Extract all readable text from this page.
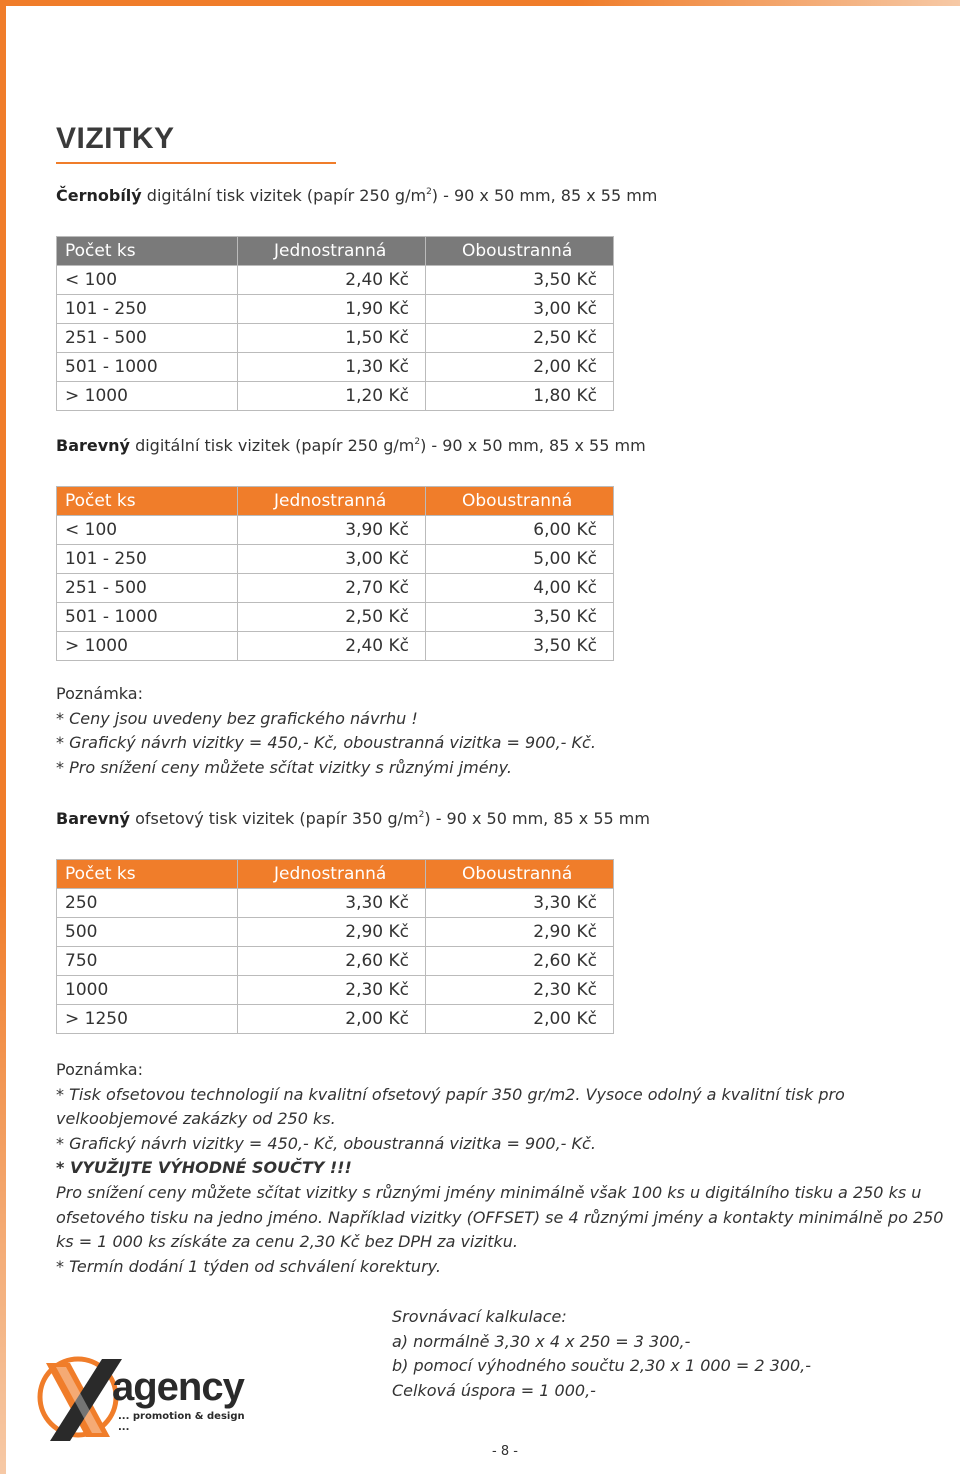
VIZITKY
Černobílý digitální tisk vizitek (papír 250 $g/m^2) - 90$ x 50 mm, 85 x 55 mm
Počet ks	Jednostranná	Oboustranná
< 100	2,40 Kč	3,50 Kč
101 - 250	1,90 Kč	3,00 Kč
251 - 500	1,50 Kč	2,50 Kč
501 - 1000	1,30 Kč	2,00 Kč
> 1000	1,20 Kč	1,80 Kč
Barevný digitální tisk vizitek (papír 250 $g/m^2) - 90$ x 50 mm, 85 x 55 mm
Počet ks	Jednostranná	Oboustranná
< 100	3,90 Kč	6,00 Kč
101 - 250	3,00 Kč	5,00 Kč
251 - 500	2,70 Kč	4,00 Kč
501 - 1000	2,50 Kč	3,50 Kč
> 1000	2,40 Kč	3,50 Kč

Poznámka:

* Ceny jsou uvedeny bez grafického návrhu !

* Grafický návrh vizitky = 450,- Kč, oboustranná vizitka = 900,- Kč.

* Pro snížení ceny můžete sčítat vizitky s různými jmény.

Barevný ofsetový tisk vizitek (papír 350 $g/m^2) - 90$ x 50 mm, 85 x 55 mm
Počet ks	Jednostranná	Oboustranná
250	3,30 Kč	3,30 Kč
500	2,90 Kč	2,90 Kč
750	2,60 Kč	2,60 Kč
1000	2,30 Kč	2,30 Kč
> 1250	2,00 Kč	2,00 Kč

Poznámka:

* Tisk ofsetovou technologií na kvalitní ofsetový papír 350 gr/m2. Vysoce odolný a kvalitní tisk pro velkoobjemové zakázky od 250 ks.

* Grafický návrh vizitky = 450,- Kč, oboustranná vizitka = 900,- Kč.

* VYUŽIJTE VÝHODNÉ SOUČTY !!!

Pro snížení ceny můžete sčítat vizitky s různými jmény minimálně však 100 ks u digitálního tisku a 250 ks u ofsetového tisku na jedno jméno. Například vizitky (OFFSET) se 4 různými jmény a kontakty minimálně po 250 ks = 1 000 ks získáte za cenu 2,30 Kč bez DPH za vizitku.

* Termín dodání 1 týden od schválení korektury.

Srovnávací kalkulace:

a) normálně 3,30 x 4 x 250 = 3 300,-

b) pomocí výhodného součtu 2,30 x 1 000 = 2 300,-

Celková úspora = 1 000,-

agency
... promotion & design ...
- 8 -
